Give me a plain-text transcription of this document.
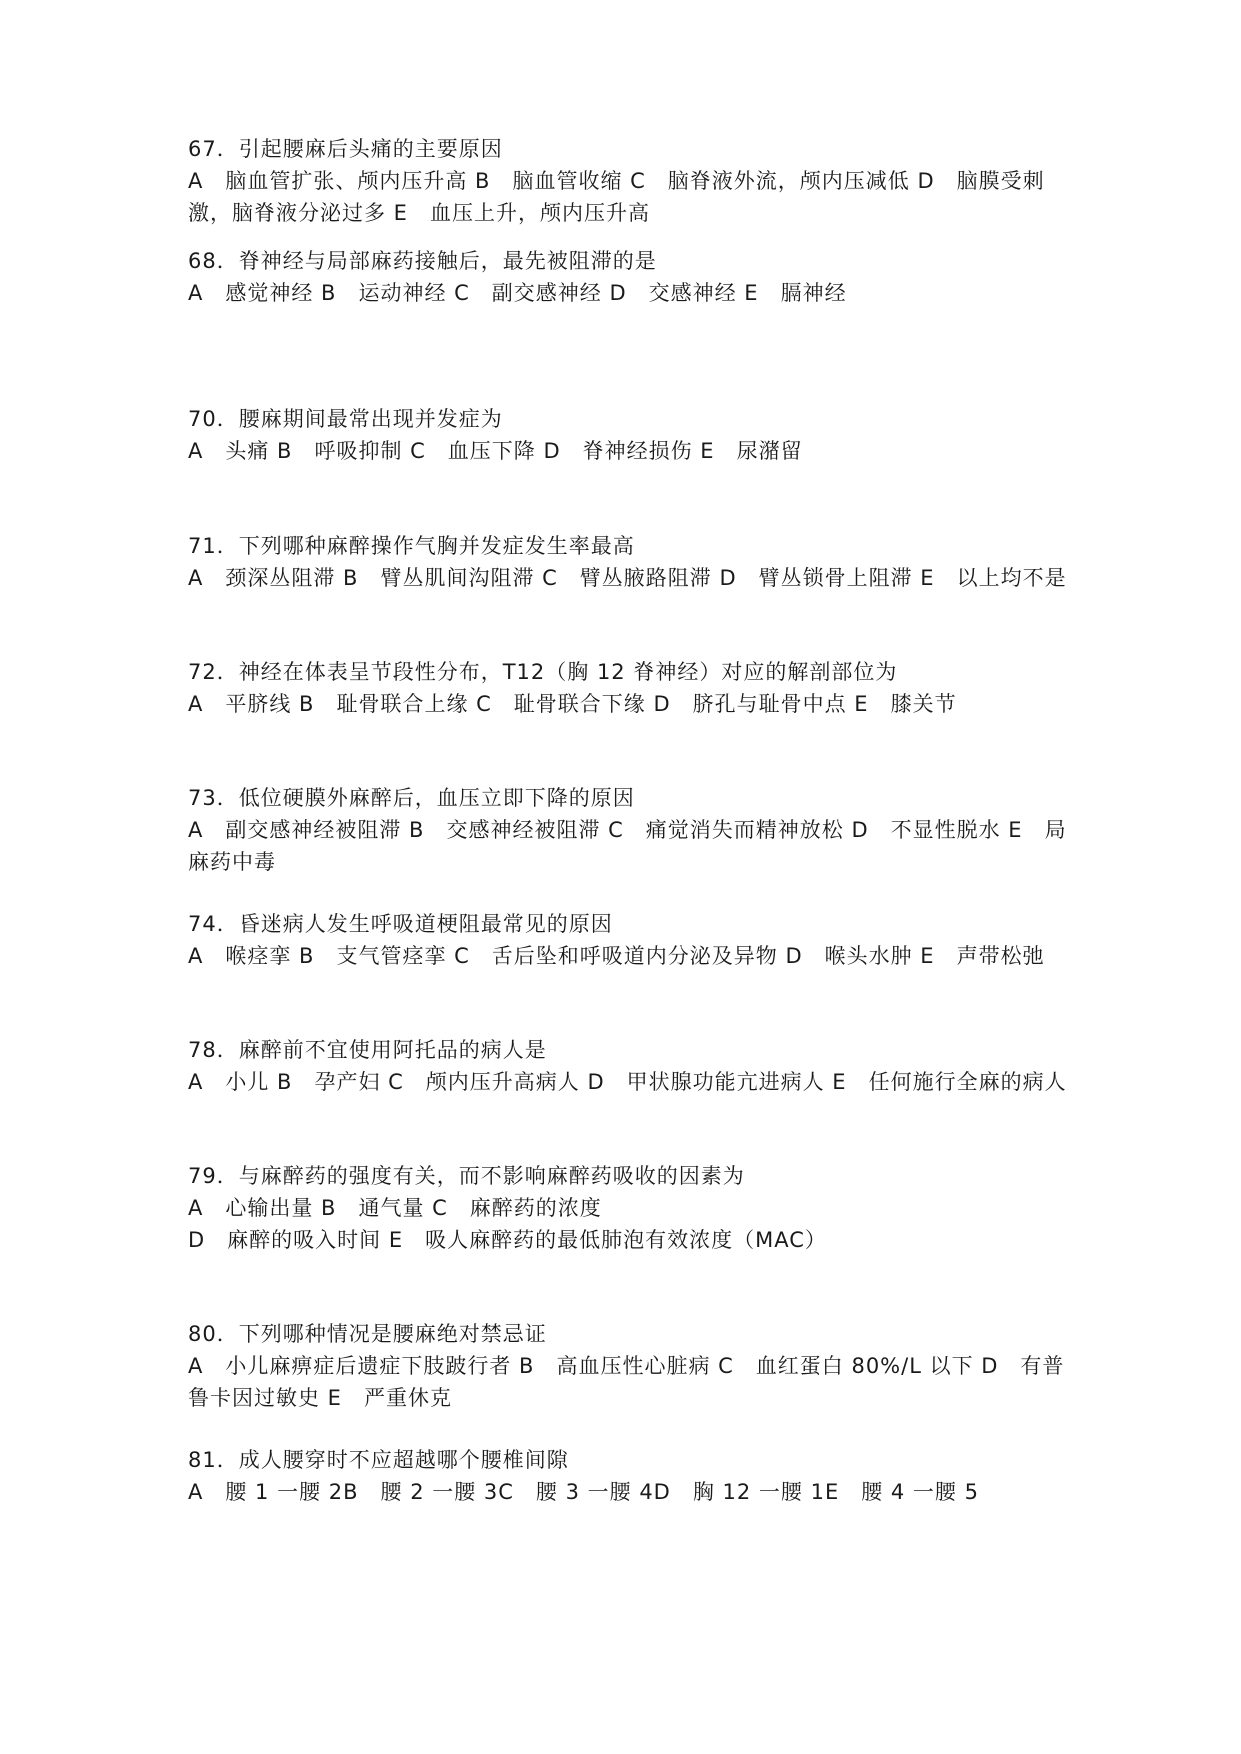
67．引起腰麻后头痛的主要原因
A　脑血管扩张、颅内压升高 B　脑血管收缩 C　脑脊液外流，颅内压减低 D　脑膜受刺激，脑脊液分泌过多 E　血压上升，颅内压升高
68．脊神经与局部麻药接触后，最先被阻滞的是
A　感觉神经 B　运动神经 C　副交感神经 D　交感神经 E　膈神经
70．腰麻期间最常出现并发症为
A　头痛 B　呼吸抑制 C　血压下降 D　脊神经损伤 E　尿潴留
71．下列哪种麻醉操作气胸并发症发生率最高
A　颈深丛阻滞 B　臂丛肌间沟阻滞 C　臂丛腋路阻滞 D　臂丛锁骨上阻滞 E　以上均不是
72．神经在体表呈节段性分布，T12（胸 12 脊神经）对应的解剖部位为
A　平脐线 B　耻骨联合上缘 C　耻骨联合下缘 D　脐孔与耻骨中点 E　膝关节
73．低位硬膜外麻醉后，血压立即下降的原因
A　副交感神经被阻滞 B　交感神经被阻滞 C　痛觉消失而精神放松 D　不显性脱水 E　局麻药中毒
74．昏迷病人发生呼吸道梗阻最常见的原因
A　喉痉挛 B　支气管痉挛 C　舌后坠和呼吸道内分泌及异物 D　喉头水肿 E　声带松弛
78．麻醉前不宜使用阿托品的病人是
A　小儿 B　孕产妇 C　颅内压升高病人 D　甲状腺功能亢进病人 E　任何施行全麻的病人
79．与麻醉药的强度有关，而不影响麻醉药吸收的因素为
A　心输出量 B　通气量 C　麻醉药的浓度
D　麻醉的吸入时间 E　吸人麻醉药的最低肺泡有效浓度（MAC）
80．下列哪种情况是腰麻绝对禁忌证
A　小儿麻痹症后遗症下肢跛行者 B　高血压性心脏病 C　血红蛋白 80%/L 以下 D　有普鲁卡因过敏史 E　严重休克
81．成人腰穿时不应超越哪个腰椎间隙
A　腰 1 一腰 2B　腰 2 一腰 3C　腰 3 一腰 4D　胸 12 一腰 1E　腰 4 一腰 5
